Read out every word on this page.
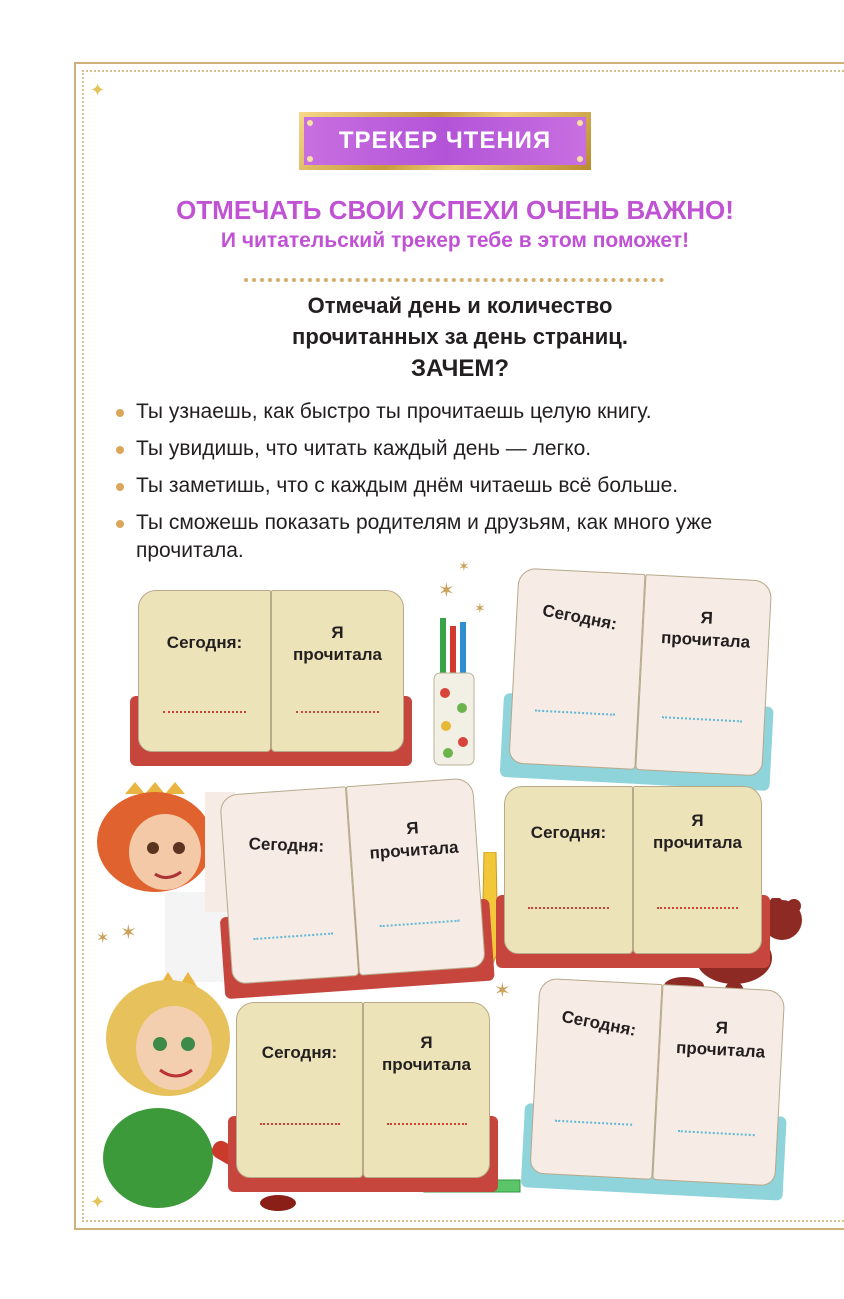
✦
✦
ТРЕКЕР ЧТЕНИЯ
ОТМЕЧАТЬ СВОИ УСПЕХИ ОЧЕНЬ ВАЖНО!
И читательский трекер тебе в этом поможет!
Отмечай день и количество
прочитанных за день страниц.
ЗАЧЕМ?
Ты узнаешь, как быстро ты прочитаешь целую книгу.
Ты увидишь, что читать каждый день — легко.
Ты заметишь, что с каждым днём читаешь всё больше.
Ты сможешь показать родителям и друзьям, как много уже прочитала.
✶
✶
✶
✶ ✶
✶
Сегодня:
Я
прочитала
Сегодня:	Я
прочитала
Сегодня:
Я
прочитала
Сегодня:
Я
прочитала
Сегодня:
Я
прочитала
Сегодня:	Я
прочитала
